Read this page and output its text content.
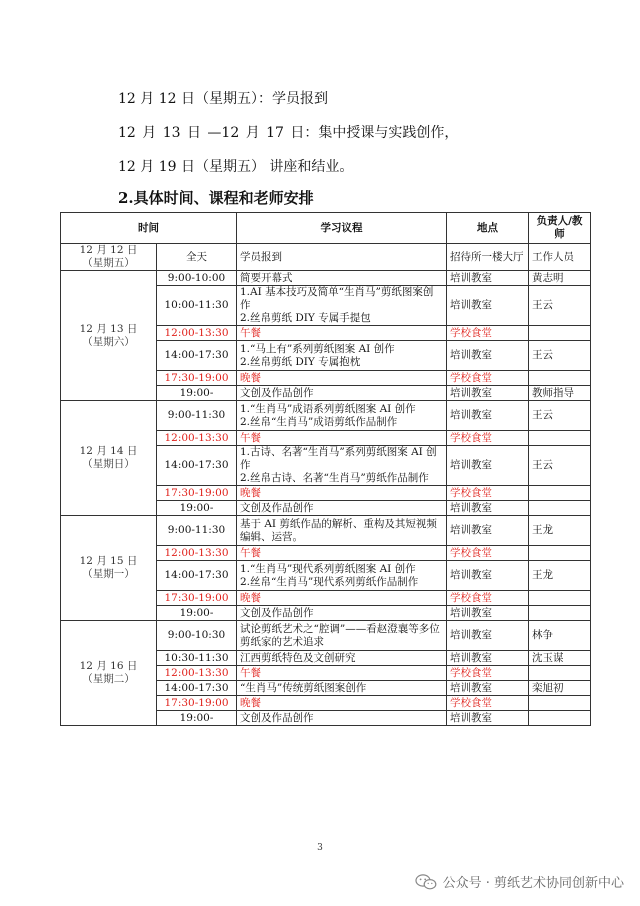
12 月 12 日（星期五）：学员报到
12 月 13 日 —12 月 17 日：集中授课与实践创作，
12 月 19 日（星期五） 讲座和结业。
2.具体时间、课程和老师安排
时间		学习议程	地点	负责人/教师
12 月 12 日
（星期五）	全天	学员报到	招待所一楼大厅	工作人员
12 月 13 日
（星期六）	9:00-10:00	简要开幕式	培训教室	黄志明
	10:00-11:30	1.AI 基本技巧及简单“生肖马”剪纸图案创作
2.丝帛剪纸 DIY 专属手提包	培训教室	王云
	12:00-13:30	午餐	学校食堂	
	14:00-17:30	1.“马上有”系列剪纸图案 AI 创作
2.丝帛剪纸 DIY 专属抱枕	培训教室	王云
	17:30-19:00	晚餐	学校食堂	
	19:00-	文创及作品创作	培训教室	教师指导
12 月 14 日
（星期日）	9:00-11:30	1.“生肖马”成语系列剪纸图案 AI 创作
2.丝帛“生肖马”成语剪纸作品制作	培训教室	王云
	12:00-13:30	午餐	学校食堂	
	14:00-17:30	1.古诗、名著“生肖马”系列剪纸图案 AI 创作
2.丝帛古诗、名著“生肖马”剪纸作品制作	培训教室	王云
	17:30-19:00	晚餐	学校食堂	
	19:00-	文创及作品创作	培训教室	
12 月 15 日
（星期一）	9:00-11:30	基于 AI 剪纸作品的解析、重构及其短视频编辑、运营。	培训教室	王龙
	12:00-13:30	午餐	学校食堂	
	14:00-17:30	1.“生肖马”现代系列剪纸图案 AI 创作
2.丝帛“生肖马”现代系列剪纸作品制作	培训教室	王龙
	17:30-19:00	晚餐	学校食堂	
	19:00-	文创及作品创作	培训教室	
12 月 16 日
（星期二）	9:00-10:30	试论剪纸艺术之“腔调”——看赵澄襄等多位剪纸家的艺术追求	培训教室	林争
	10:30-11:30	江西剪纸特色及文创研究	培训教室	沈玉谋
	12:00-13:30	午餐	学校食堂	
	14:00-17:30	“生肖马”传统剪纸图案创作	培训教室	栾旭初
	17:30-19:00	晚餐	学校食堂	
	19:00-	文创及作品创作	培训教室	
3
公众号 · 剪纸艺术协同创新中心
